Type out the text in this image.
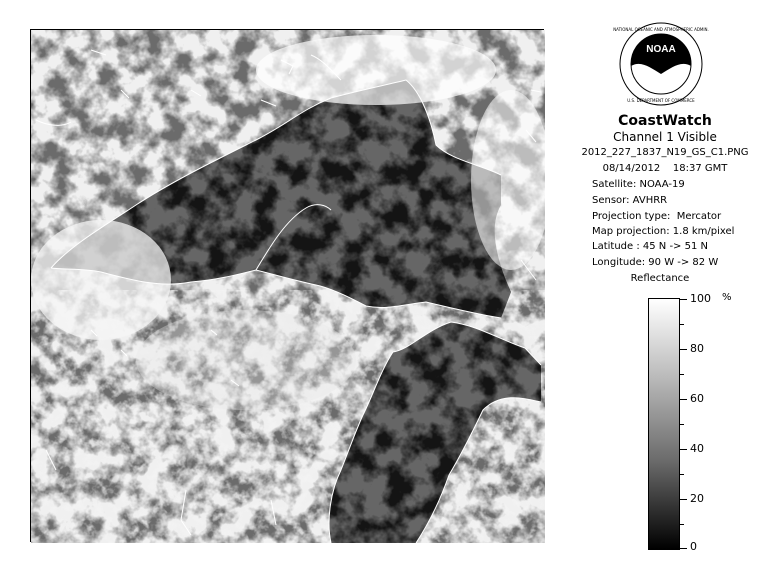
NOAA
NATIONAL OCEANIC AND ATMOSPHERIC ADMIN.
U.S. DEPARTMENT OF COMMERCE
CoastWatch
Channel 1 Visible
2012_227_1837_N19_GS_C1.PNG
08/14/2012    18:37 GMT
Satellite: NOAA-19
Sensor: AVHRR
Projection type:  Mercator
Map projection: 1.8 km/pixel
Latitude : 45 N -> 51 N
Longitude: 90 W -> 82 W
Reflectance
%
100
80
60
40
20
0
